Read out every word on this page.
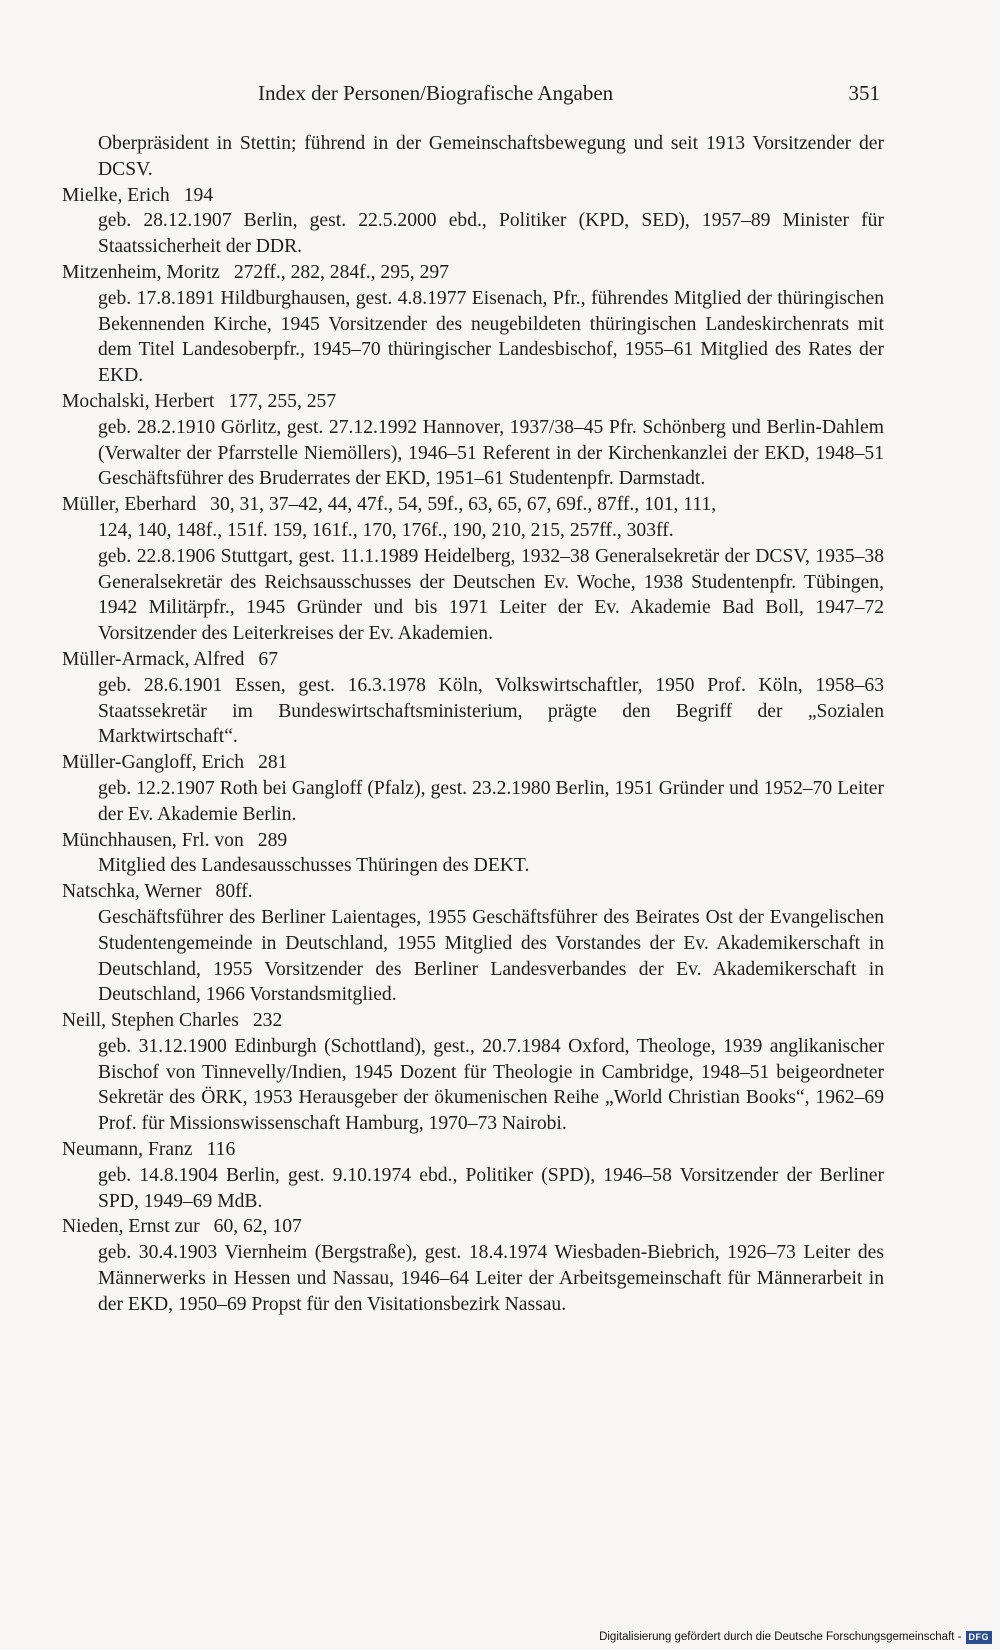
Index der Personen/Biografische Angaben	351
Oberpräsident in Stettin; führend in der Gemeinschaftsbewegung und seit 1913 Vorsitzender der DCSV.
Mielke, Erich 194
geb. 28.12.1907 Berlin, gest. 22.5.2000 ebd., Politiker (KPD, SED), 1957–89 Minister für Staatssicherheit der DDR.
Mitzenheim, Moritz 272ff., 282, 284f., 295, 297
geb. 17.8.1891 Hildburghausen, gest. 4.8.1977 Eisenach, Pfr., führendes Mitglied der thüringischen Bekennenden Kirche, 1945 Vorsitzender des neugebildeten thüringischen Landeskirchenrats mit dem Titel Landesoberpfr., 1945–70 thüringischer Landesbischof, 1955–61 Mitglied des Rates der EKD.
Mochalski, Herbert 177, 255, 257
geb. 28.2.1910 Görlitz, gest. 27.12.1992 Hannover, 1937/38–45 Pfr. Schönberg und Berlin-Dahlem (Verwalter der Pfarrstelle Niemöllers), 1946–51 Referent in der Kirchenkanzlei der EKD, 1948–51 Geschäftsführer des Bruderrates der EKD, 1951–61 Studentenpfr. Darmstadt.
Müller, Eberhard 30, 31, 37–42, 44, 47f., 54, 59f., 63, 65, 67, 69f., 87ff., 101, 111,
124, 140, 148f., 151f. 159, 161f., 170, 176f., 190, 210, 215, 257ff., 303ff.
geb. 22.8.1906 Stuttgart, gest. 11.1.1989 Heidelberg, 1932–38 Generalsekretär der DCSV, 1935–38 Generalsekretär des Reichsausschusses der Deutschen Ev. Woche, 1938 Studentenpfr. Tübingen, 1942 Militärpfr., 1945 Gründer und bis 1971 Leiter der Ev. Akademie Bad Boll, 1947–72 Vorsitzender des Leiterkreises der Ev. Akademien.
Müller-Armack, Alfred 67
geb. 28.6.1901 Essen, gest. 16.3.1978 Köln, Volkswirtschaftler, 1950 Prof. Köln, 1958–63 Staatssekretär im Bundeswirtschaftsministerium, prägte den Begriff der „Sozialen Marktwirtschaft“.
Müller-Gangloff, Erich 281
geb. 12.2.1907 Roth bei Gangloff (Pfalz), gest. 23.2.1980 Berlin, 1951 Gründer und 1952–70 Leiter der Ev. Akademie Berlin.
Münchhausen, Frl. von 289
Mitglied des Landesausschusses Thüringen des DEKT.
Natschka, Werner 80ff.
Geschäftsführer des Berliner Laientages, 1955 Geschäftsführer des Beirates Ost der Evangelischen Studentengemeinde in Deutschland, 1955 Mitglied des Vorstandes der Ev. Akademikerschaft in Deutschland, 1955 Vorsitzender des Berliner Landesverbandes der Ev. Akademikerschaft in Deutschland, 1966 Vorstandsmitglied.
Neill, Stephen Charles 232
geb. 31.12.1900 Edinburgh (Schottland), gest., 20.7.1984 Oxford, Theologe, 1939 anglikanischer Bischof von Tinnevelly/Indien, 1945 Dozent für Theologie in Cambridge, 1948–51 beigeordneter Sekretär des ÖRK, 1953 Herausgeber der ökumenischen Reihe „World Christian Books“, 1962–69 Prof. für Missionswissenschaft Hamburg, 1970–73 Nairobi.
Neumann, Franz 116
geb. 14.8.1904 Berlin, gest. 9.10.1974 ebd., Politiker (SPD), 1946–58 Vorsitzender der Berliner SPD, 1949–69 MdB.
Nieden, Ernst zur 60, 62, 107
geb. 30.4.1903 Viernheim (Bergstraße), gest. 18.4.1974 Wiesbaden-Biebrich, 1926–73 Leiter des Männerwerks in Hessen und Nassau, 1946–64 Leiter der Arbeitsgemeinschaft für Männerarbeit in der EKD, 1950–69 Propst für den Visitationsbezirk Nassau.
Digitalisierung gefördert durch die Deutsche Forschungsgemeinschaft - DFG
